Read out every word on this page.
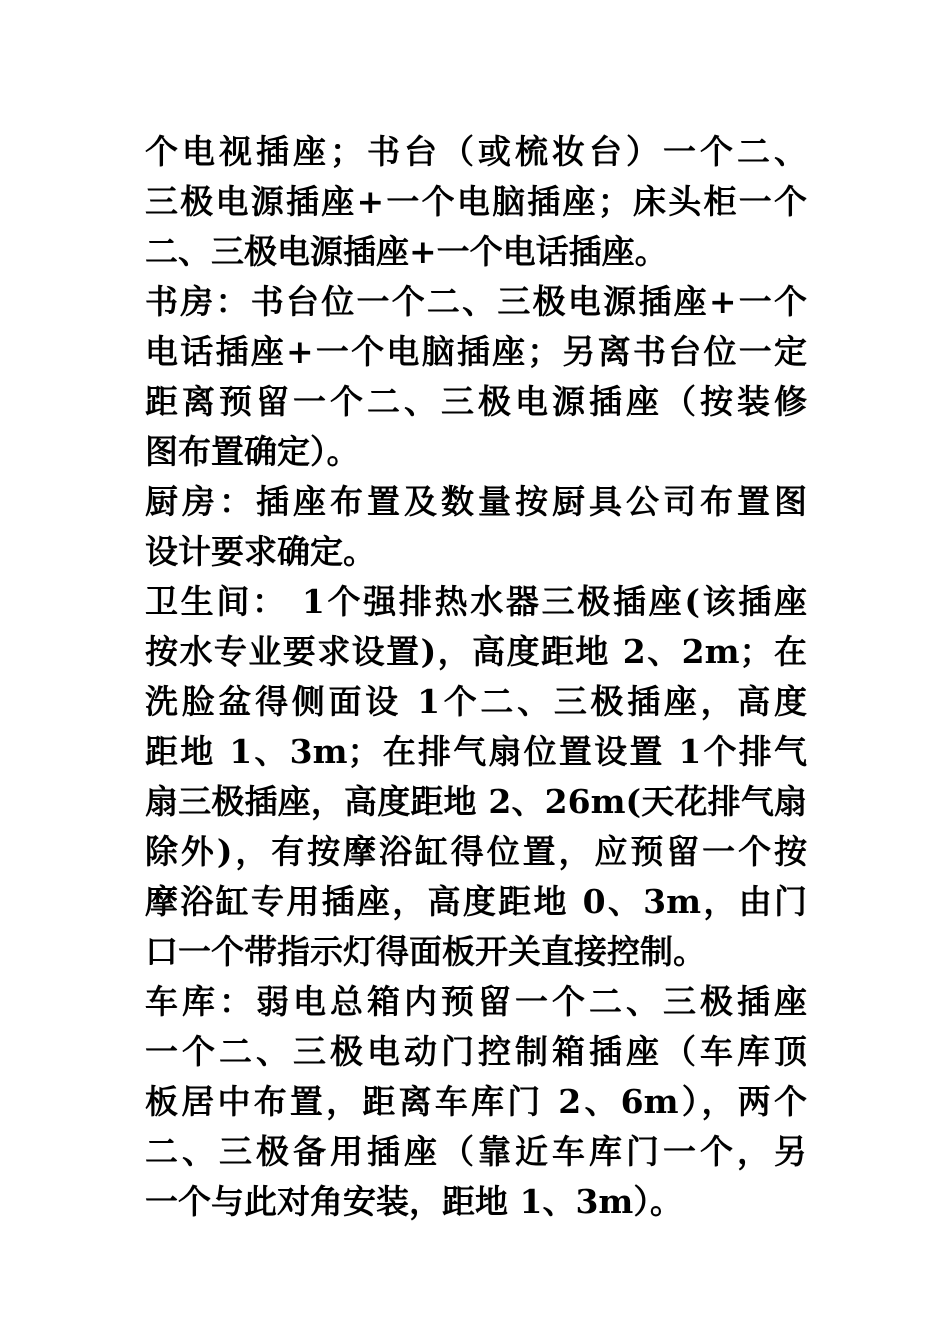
个电视插座；书台（或梳妆台）一个二、
三极电源插座+一个电脑插座；床头柜一个
二、三极电源插座+一个电话插座。
书房：书台位一个二、三极电源插座+一个
电话插座+一个电脑插座；另离书台位一定
距离预留一个二、三极电源插座（按装修
图布置确定）。
厨房：插座布置及数量按厨具公司布置图
设计要求确定。
卫生间： 1个强排热水器三极插座(该插座
按水专业要求设置)，高度距地 2、2m；在
洗脸盆得侧面设 1个二、三极插座，高度
距地 1、3m；在排气扇位置设置 1个排气
扇三极插座，高度距地 2、26m(天花排气扇
除外)，有按摩浴缸得位置，应预留一个按
摩浴缸专用插座，高度距地 0、3m，由门
口一个带指示灯得面板开关直接控制。
车库：弱电总箱内预留一个二、三极插座
一个二、三极电动门控制箱插座（车库顶
板居中布置，距离车库门 2、6m），两个
二、三极备用插座（靠近车库门一个，另
一个与此对角安装，距地 1、3m）。
